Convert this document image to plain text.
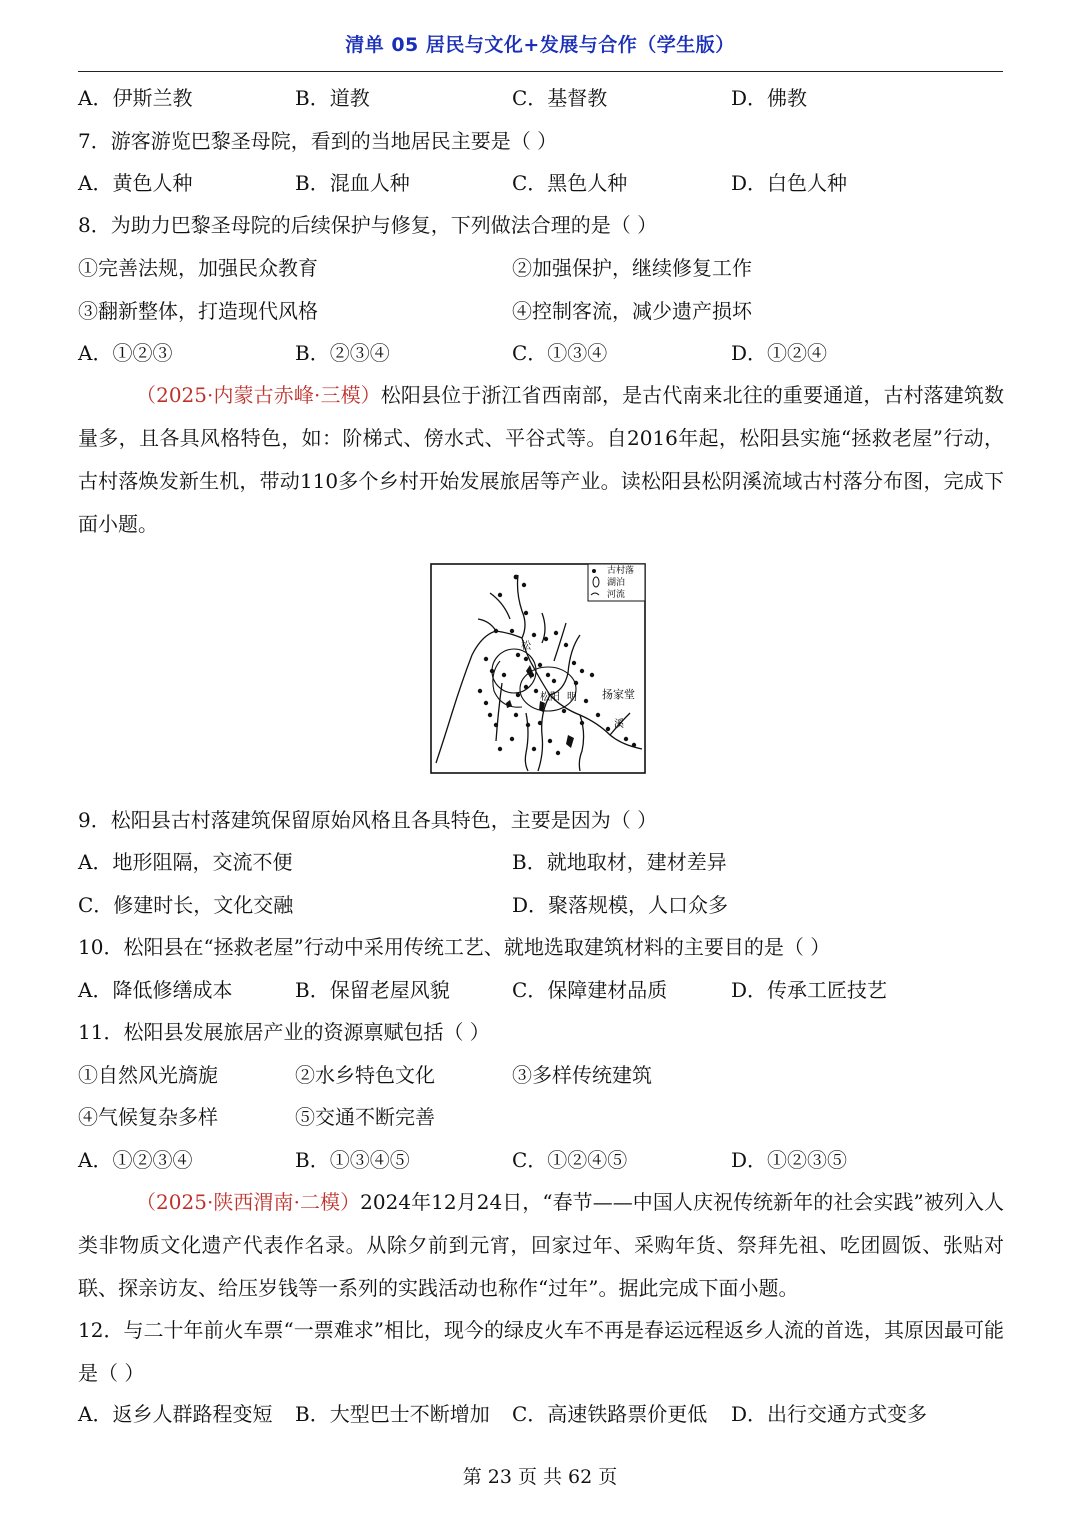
清单 05 居民与文化+发展与合作（学生版）
A．伊斯兰教	B．道教	C．基督教	D．佛教
7．游客游览巴黎圣母院，看到的当地居民主要是（ ）
A．黄色人种	B．混血人种	C．黑色人种	D．白色人种
8．为助力巴黎圣母院的后续保护与修复，下列做法合理的是（ ）
①完善法规，加强民众教育	②加强保护，继续修复工作
③翻新整体，打造现代风格	④控制客流，减少遗产损坏
A．①②③	B．②③④	C．①③④	D．①②④
（2025·内蒙古赤峰·三模）松阳县位于浙江省西南部，是古代南来北往的重要通道，古村落建筑数量多，且各具风格特色，如：阶梯式、傍水式、平谷式等。自2016年起，松阳县实施“拯救老屋”行动，古村落焕发新生机，带动110多个乡村开始发展旅居等产业。读松阳县松阴溪流域古村落分布图，完成下面小题。
古村落
湖泊
河流
松
松阳 明 扬家堂
溪
9．松阳县古村落建筑保留原始风格且各具特色，主要是因为（ ）
A．地形阻隔，交流不便	B．就地取材，建材差异
C．修建时长，文化交融	D．聚落规模，人口众多
10．松阳县在“拯救老屋”行动中采用传统工艺、就地选取建筑材料的主要目的是（ ）
A．降低修缮成本	B．保留老屋风貌	C．保障建材品质	D．传承工匠技艺
11．松阳县发展旅居产业的资源禀赋包括（ ）
①自然风光旖旎	②水乡特色文化	③多样传统建筑
④气候复杂多样	⑤交通不断完善
A．①②③④	B．①③④⑤	C．①②④⑤	D．①②③⑤
（2025·陕西渭南·二模）2024年12月24日，“春节——中国人庆祝传统新年的社会实践”被列入人类非物质文化遗产代表作名录。从除夕前到元宵，回家过年、采购年货、祭拜先祖、吃团圆饭、张贴对联、探亲访友、给压岁钱等一系列的实践活动也称作“过年”。据此完成下面小题。
12．与二十年前火车票“一票难求”相比，现今的绿皮火车不再是春运远程返乡人流的首选，其原因最可能是（ ）
A．返乡人群路程变短 B．大型巴士不断增加 C．高速铁路票价更低 D．出行交通方式变多
第 23 页 共 62 页
